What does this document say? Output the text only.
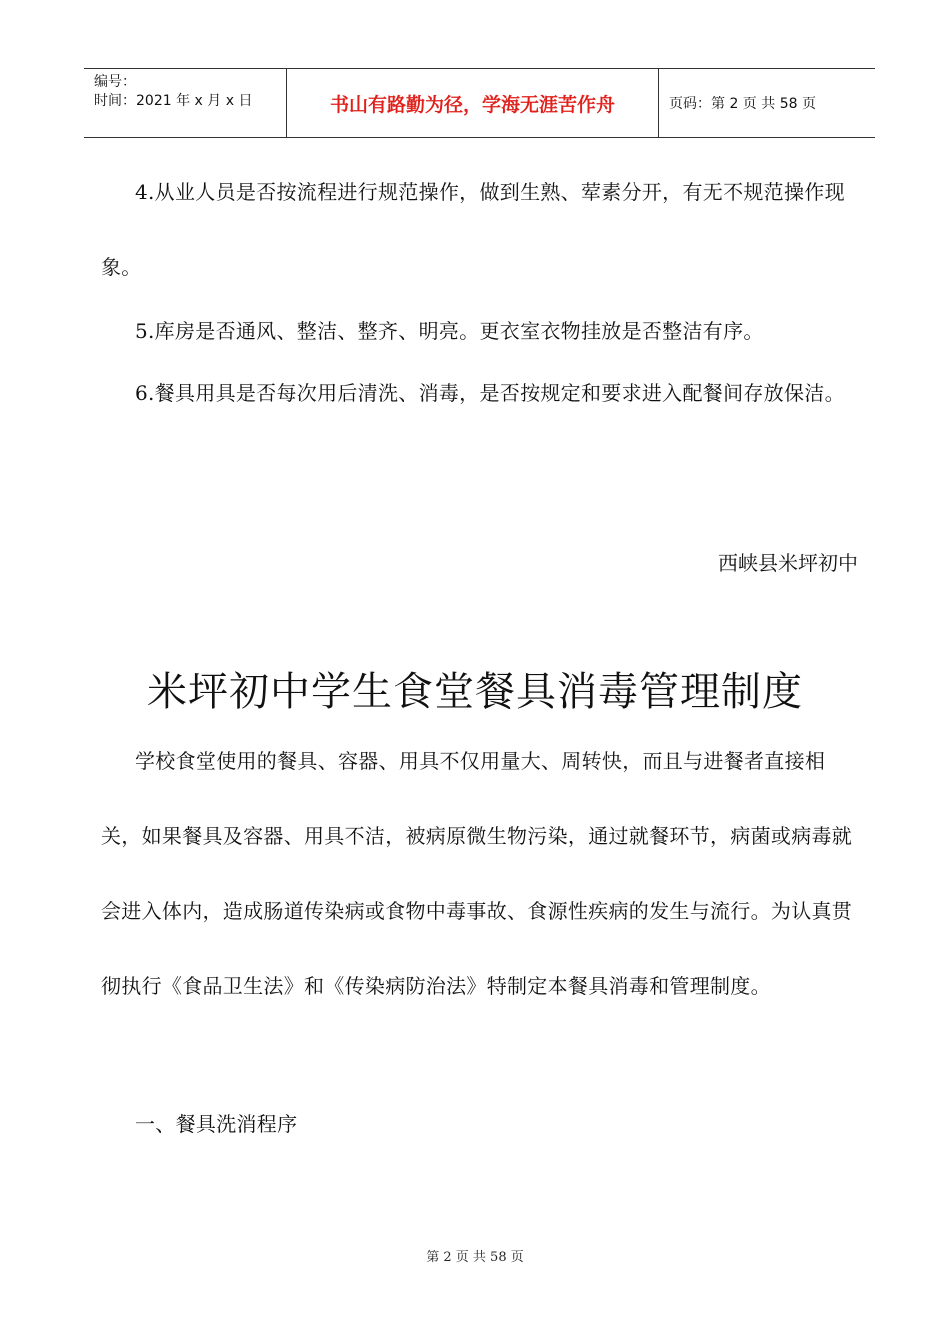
编号：
时间：2021 年 x 月 x 日	书山有路勤为径，学海无涯苦作舟	页码：第 2 页 共 58 页

4.从业人员是否按流程进行规范操作，做到生熟、荤素分开，有无不规范操作现象。

5.库房是否通风、整洁、整齐、明亮。更衣室衣物挂放是否整洁有序。

6.餐具用具是否每次用后清洗、消毒，是否按规定和要求进入配餐间存放保洁。

西峡县米坪初中

米坪初中学生食堂餐具消毒管理制度

学校食堂使用的餐具、容器、用具不仅用量大、周转快，而且与进餐者直接相关，如果餐具及容器、用具不洁，被病原微生物污染，通过就餐环节，病菌或病毒就会进入体内，造成肠道传染病或食物中毒事故、食源性疾病的发生与流行。为认真贯彻执行《食品卫生法》和《传染病防治法》特制定本餐具消毒和管理制度。

一、餐具洗消程序

第 2 页 共 58 页
